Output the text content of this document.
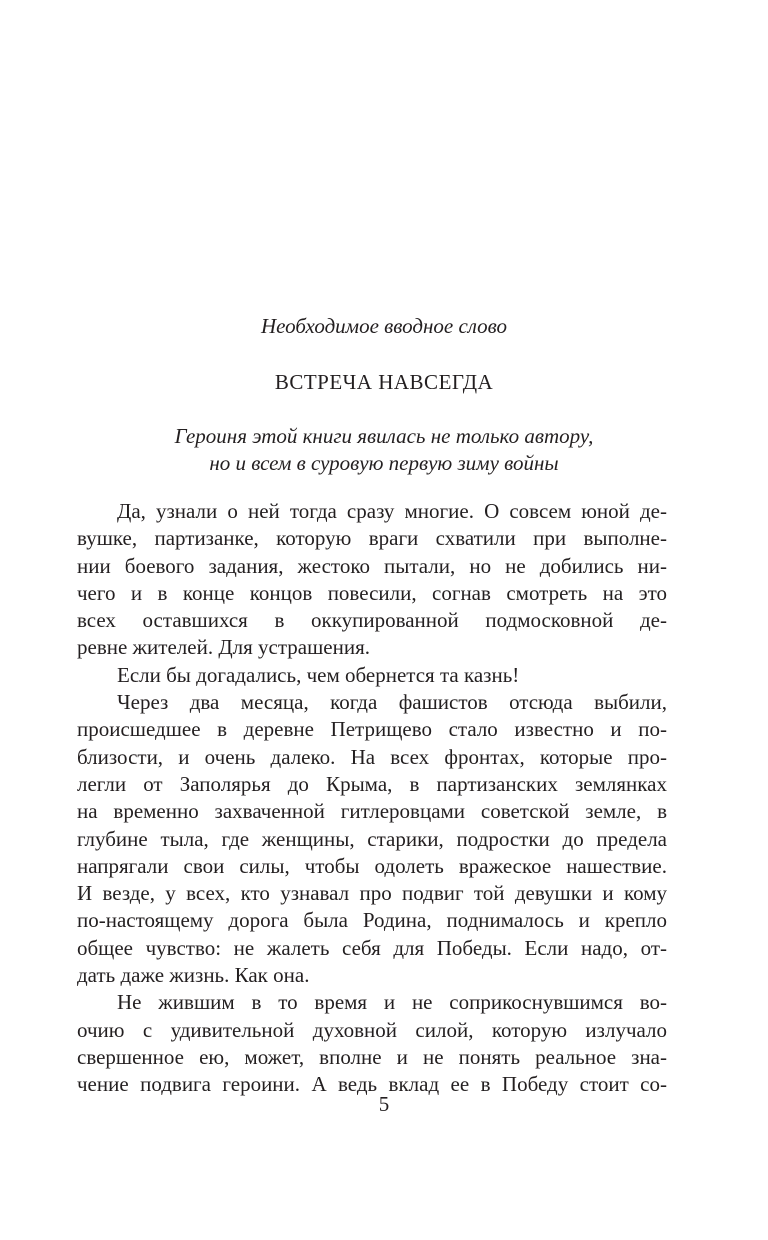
Необходимое вводное слово

ВСТРЕЧА НАВСЕГДА

Героиня этой книги явилась не только автору,
но и всем в суровую первую зиму войны

Да, узнали о ней тогда сразу многие. О совсем юной де-
вушке, партизанке, которую враги схватили при выполне-
нии боевого задания, жестоко пытали, но не добились ни-
чего и в конце концов повесили, согнав смотреть на это
всех оставшихся в оккупированной подмосковной де-
ревне жителей. Для устрашения.
Если бы догадались, чем обернется та казнь!
Через два месяца, когда фашистов отсюда выбили,
происшедшее в деревне Петрищево стало известно и по-
близости, и очень далеко. На всех фронтах, которые про-
легли от Заполярья до Крыма, в партизанских землянках
на временно захваченной гитлеровцами советской земле, в
глубине тыла, где женщины, старики, подростки до предела
напрягали свои силы, чтобы одолеть вражеское нашествие.
И везде, у всех, кто узнавал про подвиг той девушки и кому
по-настоящему дорога была Родина, поднималось и крепло
общее чувство: не жалеть себя для Победы. Если надо, от-
дать даже жизнь. Как она.
Не жившим в то время и не соприкоснувшимся во-
очию с удивительной духовной силой, которую излучало
свершенное ею, может, вполне и не понять реальное зна-
чение подвига героини. А ведь вклад ее в Победу стоит со-

5
